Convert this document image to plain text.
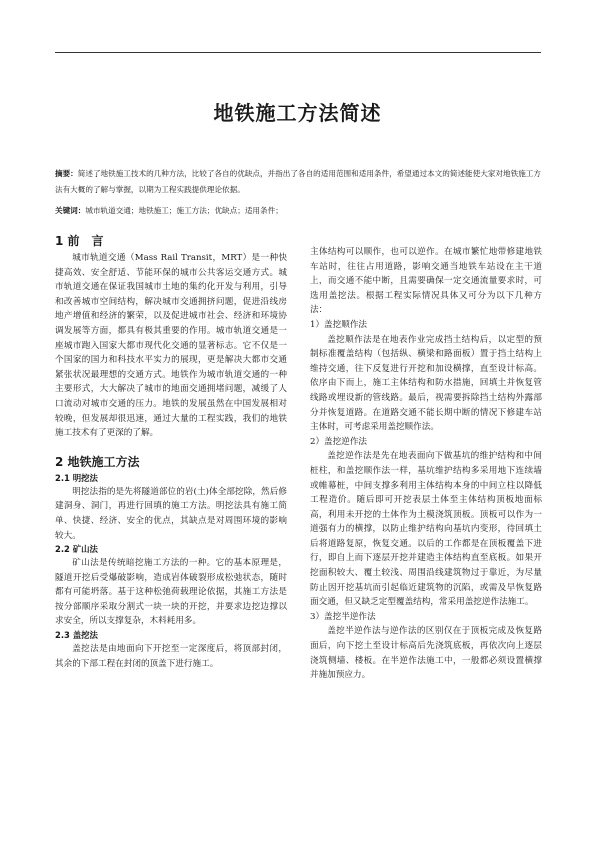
地铁施工方法简述
摘要：简述了地铁施工技术的几种方法，比较了各自的优缺点，并指出了各自的适用范围和适用条件，希望通过本文的简述能使大家对地铁施工方法有大概的了解与掌握，以期为工程实践提供理论依据。
关键词：城市轨道交通；地铁施工；施工方法；优缺点；适用条件；
1 前　言

城市轨道交通（Mass Rail Transit，MRT）是一种快捷高效、安全舒适、节能环保的城市公共客运交通方式。城市轨道交通在保证我国城市土地的集约化开发与利用，引导和改善城市空间结构，解决城市交通拥挤问题，促进沿线房地产增值和经济的繁荣，以及促进城市社会、经济和环境协调发展等方面，都具有极其重要的作用。城市轨道交通是一座城市跑入国家大都市现代化交通的显著标志。它不仅是一个国家的国力和科技水平实力的展现，更是解决大都市交通紧张状况最理想的交通方式。地铁作为城市轨道交通的一种主要形式，大大解决了城市的地面交通拥堵问题，减缓了人口流动对城市交通的压力。地铁的发展虽然在中国发展相对较晚，但发展却很迅速，通过大量的工程实践，我们的地铁施工技术有了更深的了解。

2 地铁施工方法
2.1 明挖法

明挖法指的是先将隧道部位的岩(土)体全部挖除，然后修建洞身、洞门，再进行回填的施工方法。明挖法具有施工简单、快捷、经济、安全的优点，其缺点是对周围环境的影响较大。

2.2 矿山法

矿山法是传统暗挖施工方法的一种。它的基本原理是，隧道开挖后受爆破影响，造成岩体破裂形成松弛状态，随时都有可能坍落。基于这种松弛荷载理论依据，其施工方法是按分部顺序采取分割式一块一块的开挖，并要求边挖边撑以求安全，所以支撑复杂，木料耗用多。

2.3 盖挖法

盖挖法是由地面向下开挖至一定深度后，将顶部封闭，其余的下部工程在封闭的顶盖下进行施工。

主体结构可以顺作，也可以逆作。在城市繁忙地带修建地铁车站时，往往占用道路，影响交通当地铁车站设在主干道上，而交通不能中断，且需要确保一定交通流量要求时，可选用盖挖法。根据工程实际情况具体又可分为以下几种方法：

1）盖挖顺作法

盖挖顺作法是在地表作业完成挡土结构后，以定型的预制标准覆盖结构（包括纵、横梁和路面板）置于挡土结构上维持交通，往下反复进行开挖和加设横撑，直至设计标高。依序由下而上，施工主体结构和防水措施，回填土并恢复管线路或埋设新的管线路。最后，视需要拆除挡土结构外露部分并恢复道路。在道路交通不能长期中断的情况下修建车站主体时，可考虑采用盖挖顺作法。

2）盖挖逆作法

盖挖逆作法是先在地表面向下做基坑的维护结构和中间桩柱，和盖挖顺作法一样，基坑维护结构多采用地下连续墙或帷幕桩，中间支撑多利用主体结构本身的中间立柱以降低工程造价。随后即可开挖表层土体至主体结构顶板地面标高，利用未开挖的土体作为土模浇筑顶板。顶板可以作为一道强有力的横撑，以防止维护结构向基坑内变形，待回填土后将道路复原，恢复交通。以后的工作都是在顶板覆盖下进行，即自上而下逐层开挖并建造主体结构直至底板。如果开挖面积较大、覆土较浅、周围沿线建筑物过于靠近，为尽量防止因开挖基坑而引起临近建筑物的沉陷，或需及早恢复路面交通，但又缺乏定型覆盖结构，常采用盖挖逆作法施工。

3）盖挖半逆作法

盖挖半逆作法与逆作法的区别仅在于顶板完成及恢复路面后，向下挖土至设计标高后先浇筑底板，再依次向上逐层浇筑侧墙、楼板。在半逆作法施工中，一般都必须设置横撑并施加预应力。
